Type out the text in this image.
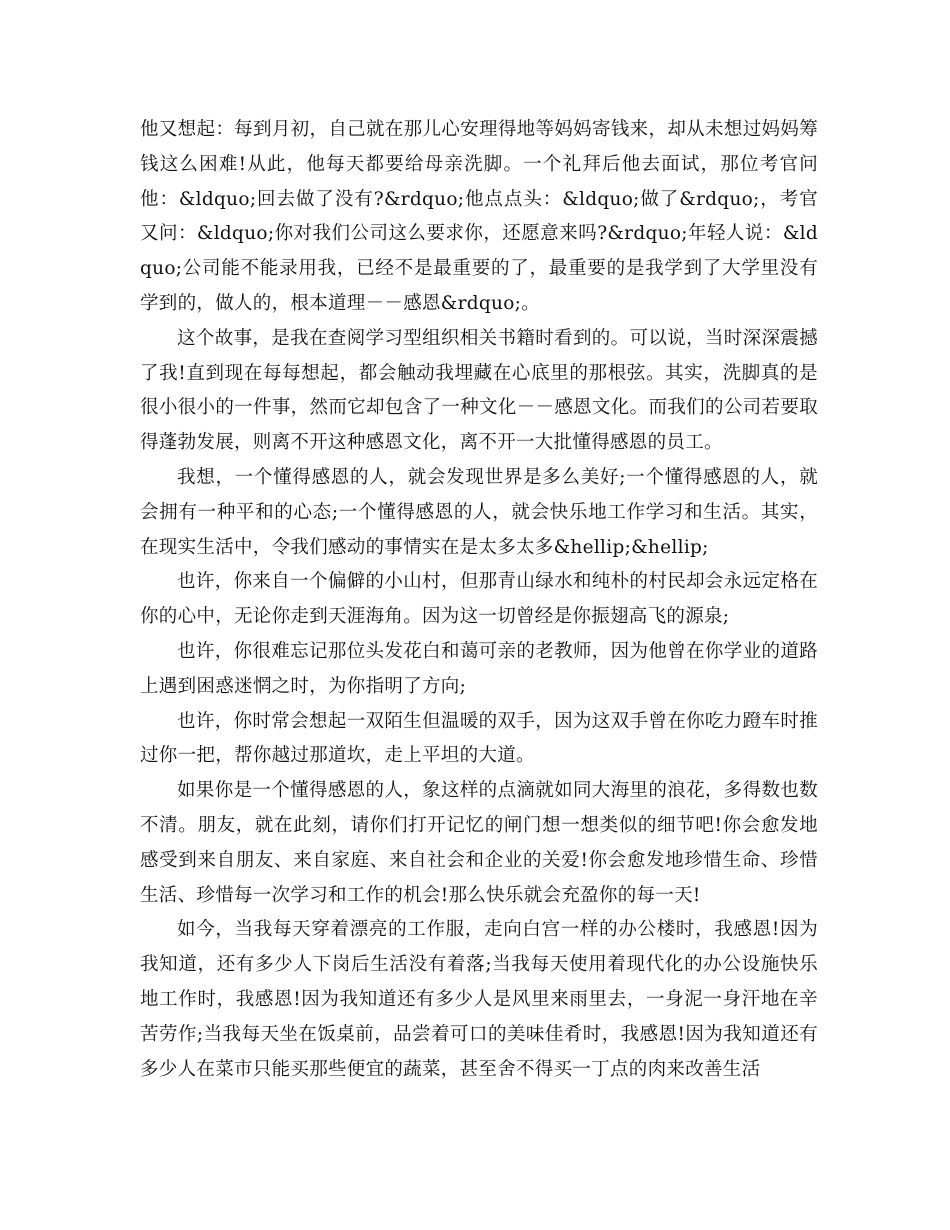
他又想起：每到月初，自己就在那儿心安理得地等妈妈寄钱来，却从未想过妈妈筹钱这么困难!从此，他每天都要给母亲洗脚。一个礼拜后他去面试，那位考官问他：&ldquo;回去做了没有?&rdquo;他点点头：&ldquo;做了&rdquo;，考官又问：&ldquo;你对我们公司这么要求你，还愿意来吗?&rdquo;年轻人说：&ldquo;公司能不能录用我，已经不是最重要的了，最重要的是我学到了大学里没有学到的，做人的，根本道理－－感恩&rdquo;。

这个故事，是我在查阅学习型组织相关书籍时看到的。可以说，当时深深震撼了我!直到现在每每想起，都会触动我埋藏在心底里的那根弦。其实，洗脚真的是很小很小的一件事，然而它却包含了一种文化－－感恩文化。而我们的公司若要取得蓬勃发展，则离不开这种感恩文化，离不开一大批懂得感恩的员工。

我想，一个懂得感恩的人，就会发现世界是多么美好;一个懂得感恩的人，就会拥有一种平和的心态;一个懂得感恩的人，就会快乐地工作学习和生活。其实，在现实生活中，令我们感动的事情实在是太多太多&hellip;&hellip;

也许，你来自一个偏僻的小山村，但那青山绿水和纯朴的村民却会永远定格在你的心中，无论你走到天涯海角。因为这一切曾经是你振翅高飞的源泉;

也许，你很难忘记那位头发花白和蔼可亲的老教师，因为他曾在你学业的道路上遇到困惑迷惘之时，为你指明了方向;

也许，你时常会想起一双陌生但温暖的双手，因为这双手曾在你吃力蹬车时推过你一把，帮你越过那道坎，走上平坦的大道。

如果你是一个懂得感恩的人，象这样的点滴就如同大海里的浪花，多得数也数不清。朋友，就在此刻，请你们打开记忆的闸门想一想类似的细节吧!你会愈发地感受到来自朋友、来自家庭、来自社会和企业的关爱!你会愈发地珍惜生命、珍惜生活、珍惜每一次学习和工作的机会!那么快乐就会充盈你的每一天!

如今，当我每天穿着漂亮的工作服，走向白宫一样的办公楼时，我感恩!因为我知道，还有多少人下岗后生活没有着落;当我每天使用着现代化的办公设施快乐地工作时，我感恩!因为我知道还有多少人是风里来雨里去，一身泥一身汗地在辛苦劳作;当我每天坐在饭桌前，品尝着可口的美味佳肴时，我感恩!因为我知道还有多少人在菜市只能买那些便宜的蔬菜，甚至舍不得买一丁点的肉来改善生活
